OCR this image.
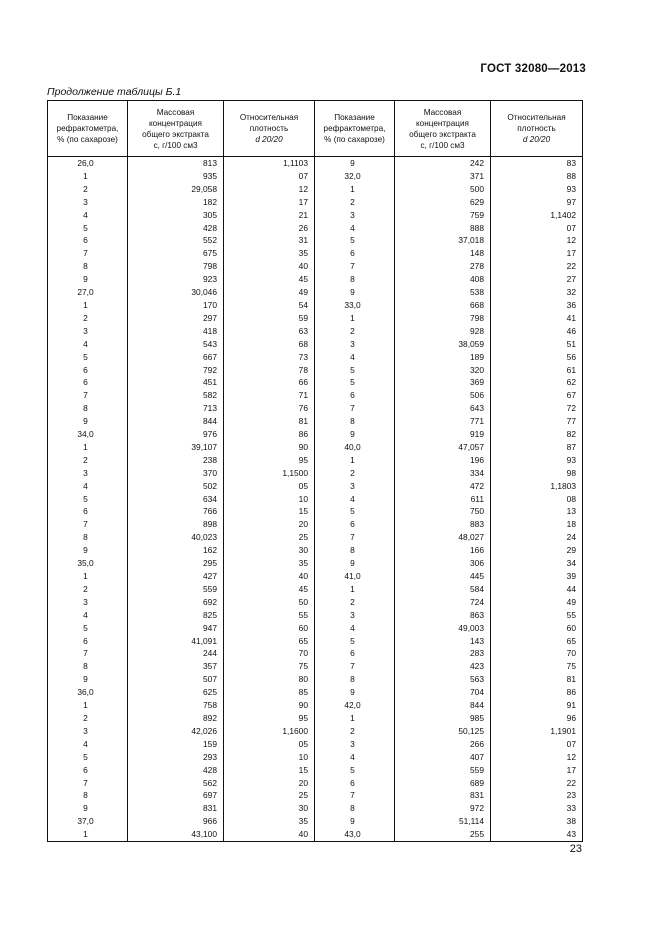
ГОСТ 32080—2013
Продолжение таблицы Б.1
Показание
рефрактометра,
% (по сахарозе)	Массовая
концентрация
общего экстракта
c, г/100 см3	Относительная
плотность
d 20/20	Показание
рефрактометра,
% (по сахарозе)	Массовая
концентрация
общего экстракта
c, г/100 см3	Относительная
плотность
d 20/20

26,0	813	1,1103	9	242	83
1	935	07	32,0	371	88
2	29,058	12	1	500	93
3	182	17	2	629	97
4	305	21	3	759	1,1402
5	428	26	4	888	07
6	552	31	5	37,018	12
7	675	35	6	148	17
8	798	40	7	278	22
9	923	45	8	408	27
27,0	30,046	49	9	538	32
1	170	54	33,0	668	36
2	297	59	1	798	41
3	418	63	2	928	46
4	543	68	3	38,059	51
5	667	73	4	189	56
6	792	78	5	320	61
6	451	66	5	369	62
7	582	71	6	506	67
8	713	76	7	643	72
9	844	81	8	771	77
34,0	976	86	9	919	82
1	39,107	90	40,0	47,057	87
2	238	95	1	196	93
3	370	1,1500	2	334	98
4	502	05	3	472	1,1803
5	634	10	4	611	08
6	766	15	5	750	13
7	898	20	6	883	18
8	40,023	25	7	48,027	24
9	162	30	8	166	29
35,0	295	35	9	306	34
1	427	40	41,0	445	39
2	559	45	1	584	44
3	692	50	2	724	49
4	825	55	3	863	55
5	947	60	4	49,003	60
6	41,091	65	5	143	65
7	244	70	6	283	70
8	357	75	7	423	75
9	507	80	8	563	81
36,0	625	85	9	704	86
1	758	90	42,0	844	91
2	892	95	1	985	96
3	42,026	1,1600	2	50,125	1,1901
4	159	05	3	266	07
5	293	10	4	407	12
6	428	15	5	559	17
7	562	20	6	689	22
8	697	25	7	831	23
9	831	30	8	972	33
37,0	966	35	9	51,114	38
1	43,100	40	43,0	255	43
23
